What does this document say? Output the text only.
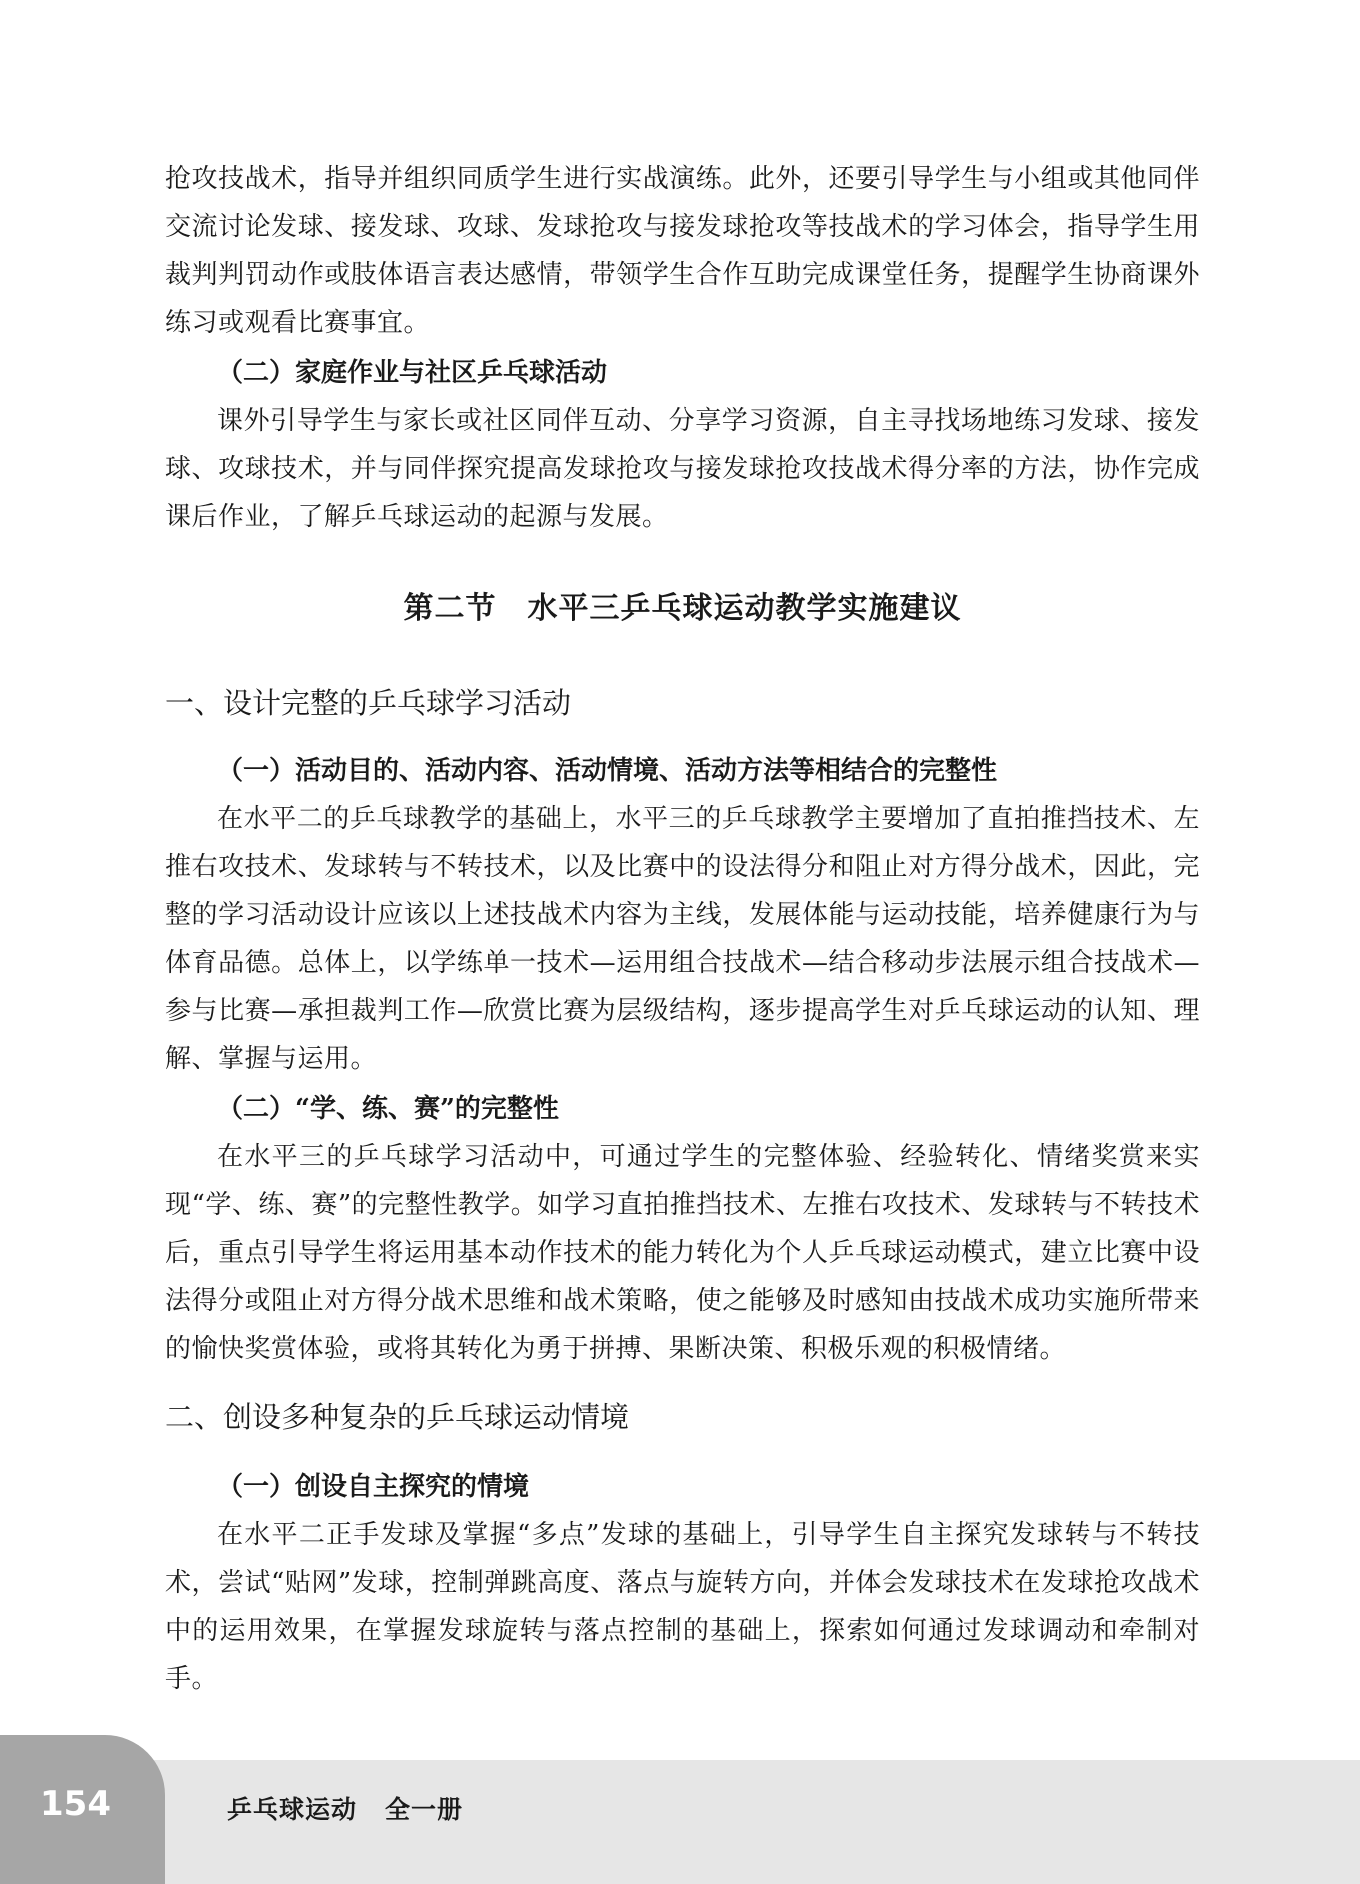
抢攻技战术，指导并组织同质学生进行实战演练。此外，还要引导学生与小组或其他同伴交流讨论发球、接发球、攻球、发球抢攻与接发球抢攻等技战术的学习体会，指导学生用裁判判罚动作或肢体语言表达感情，带领学生合作互助完成课堂任务，提醒学生协商课外练习或观看比赛事宜。

（二）家庭作业与社区乒乓球活动

课外引导学生与家长或社区同伴互动、分享学习资源，自主寻找场地练习发球、接发球、攻球技术，并与同伴探究提高发球抢攻与接发球抢攻技战术得分率的方法，协作完成课后作业，了解乒乓球运动的起源与发展。

第二节　水平三乒乓球运动教学实施建议

一、设计完整的乒乓球学习活动

（一）活动目的、活动内容、活动情境、活动方法等相结合的完整性

在水平二的乒乓球教学的基础上，水平三的乒乓球教学主要增加了直拍推挡技术、左推右攻技术、发球转与不转技术，以及比赛中的设法得分和阻止对方得分战术，因此，完整的学习活动设计应该以上述技战术内容为主线，发展体能与运动技能，培养健康行为与体育品德。总体上，以学练单一技术—运用组合技战术—结合移动步法展示组合技战术—参与比赛—承担裁判工作—欣赏比赛为层级结构，逐步提高学生对乒乓球运动的认知、理解、掌握与运用。

（二）“学、练、赛”的完整性

在水平三的乒乓球学习活动中，可通过学生的完整体验、经验转化、情绪奖赏来实现“学、练、赛”的完整性教学。如学习直拍推挡技术、左推右攻技术、发球转与不转技术后，重点引导学生将运用基本动作技术的能力转化为个人乒乓球运动模式，建立比赛中设法得分或阻止对方得分战术思维和战术策略，使之能够及时感知由技战术成功实施所带来的愉快奖赏体验，或将其转化为勇于拼搏、果断决策、积极乐观的积极情绪。

二、创设多种复杂的乒乓球运动情境

（一）创设自主探究的情境

在水平二正手发球及掌握“多点”发球的基础上，引导学生自主探究发球转与不转技术，尝试“贴网”发球，控制弹跳高度、落点与旋转方向，并体会发球技术在发球抢攻战术中的运用效果，在掌握发球旋转与落点控制的基础上，探索如何通过发球调动和牵制对手。

154	乒乓球运动 全一册
